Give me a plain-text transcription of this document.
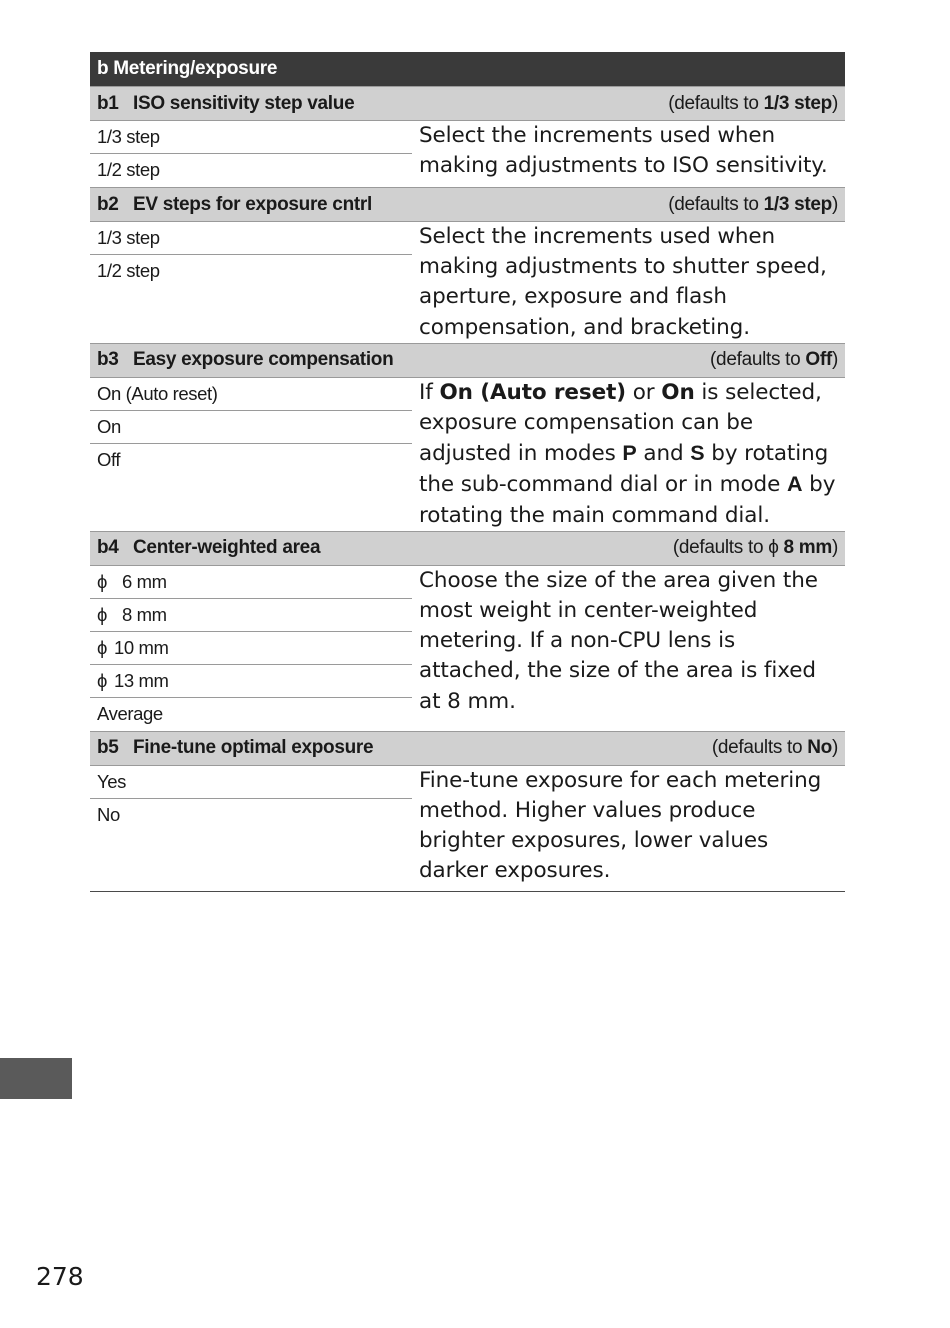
b Metering/exposure
b1 ISO sensitivity step value	(defaults to 1/3 step)
1/3 step
1/2 step
Select the increments used when making adjustments to ISO sensitivity.
b2 EV steps for exposure cntrl	(defaults to 1/3 step)
1/3 step
1/2 step
Select the increments used when making adjustments to shutter speed, aperture, exposure and flash compensation, and bracketing.
b3 Easy exposure compensation	(defaults to Off)
On (Auto reset)
On
Off
If On (Auto reset) or On is selected, exposure compensation can be adjusted in modes P and S by rotating the sub-command dial or in mode A by rotating the main command dial.
b4 Center-weighted area	(defaults to ϕ 8 mm)
ϕ 6 mm
ϕ 8 mm
ϕ 10 mm
ϕ 13 mm
Average
Choose the size of the area given the most weight in center-weighted metering. If a non-CPU lens is attached, the size of the area is fixed at 8 mm.
b5 Fine-tune optimal exposure	(defaults to No)
Yes
No
Fine-tune exposure for each metering method. Higher values produce brighter exposures, lower values darker exposures.
278
